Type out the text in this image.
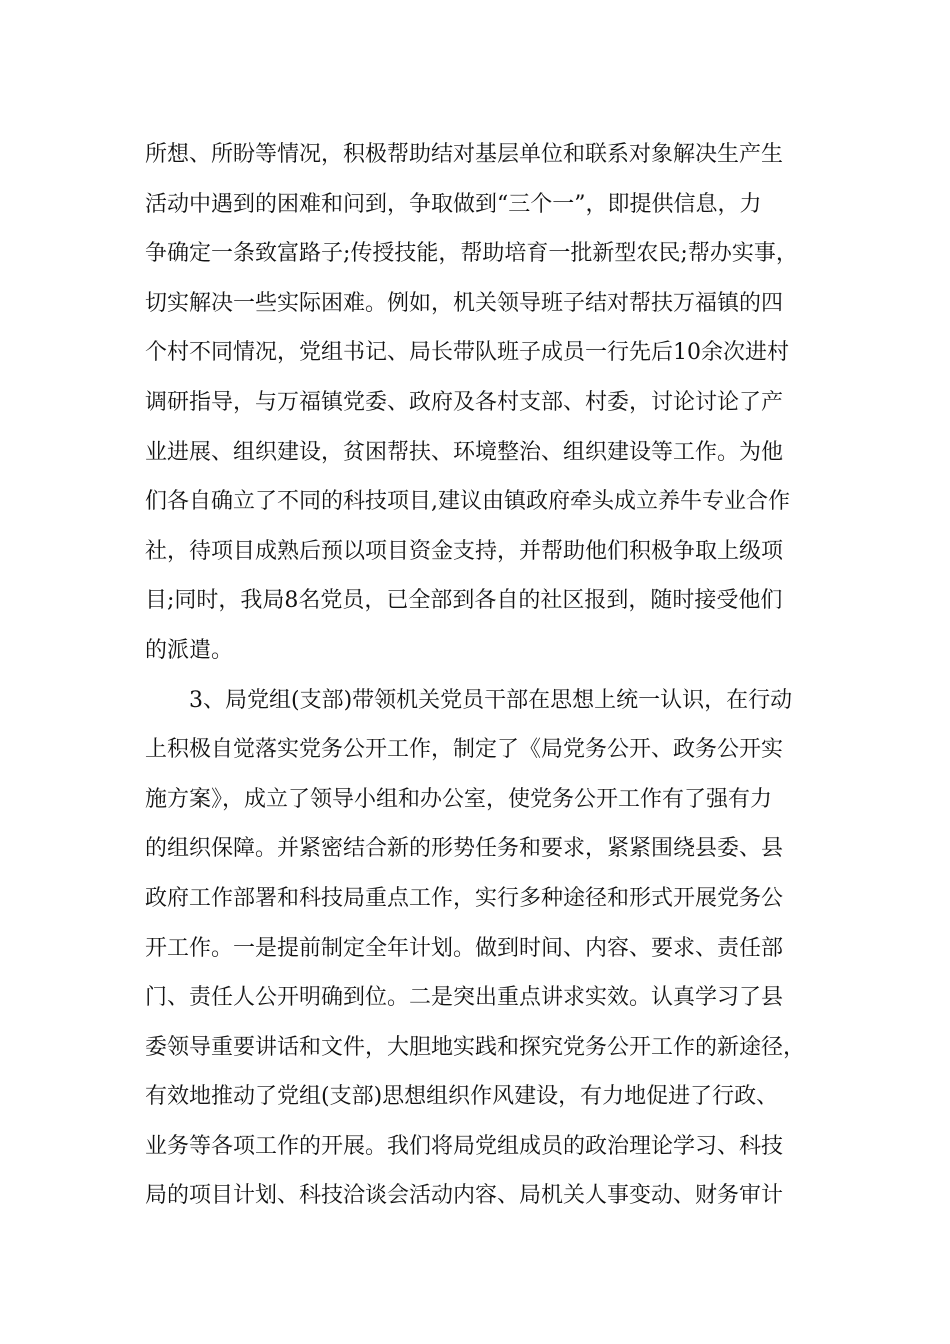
所想、所盼等情况，积极帮助结对基层单位和联系对象解决生产生
活动中遇到的困难和问到，争取做到“三个一”，即提供信息，力
争确定一条致富路子;传授技能，帮助培育一批新型农民;帮办实事，
切实解决一些实际困难。例如，机关领导班子结对帮扶万福镇的四
个村不同情况，党组书记、局长带队班子成员一行先后10余次进村
调研指导，与万福镇党委、政府及各村支部、村委，讨论讨论了产
业进展、组织建设，贫困帮扶、环境整治、组织建设等工作。为他
们各自确立了不同的科技项目,建议由镇政府牵头成立养牛专业合作
社，待项目成熟后预以项目资金支持，并帮助他们积极争取上级项
目;同时，我局8名党员，已全部到各自的社区报到，随时接受他们
的派遣。
3、局党组(支部)带领机关党员干部在思想上统一认识，在行动
上积极自觉落实党务公开工作，制定了《局党务公开、政务公开实
施方案》，成立了领导小组和办公室，使党务公开工作有了强有力
的组织保障。并紧密结合新的形势任务和要求，紧紧围绕县委、县
政府工作部署和科技局重点工作，实行多种途径和形式开展党务公
开工作。一是提前制定全年计划。做到时间、内容、要求、责任部
门、责任人公开明确到位。二是突出重点讲求实效。认真学习了县
委领导重要讲话和文件，大胆地实践和探究党务公开工作的新途径，
有效地推动了党组(支部)思想组织作风建设，有力地促进了行政、
业务等各项工作的开展。我们将局党组成员的政治理论学习、科技
局的项目计划、科技洽谈会活动内容、局机关人事变动、财务审计
